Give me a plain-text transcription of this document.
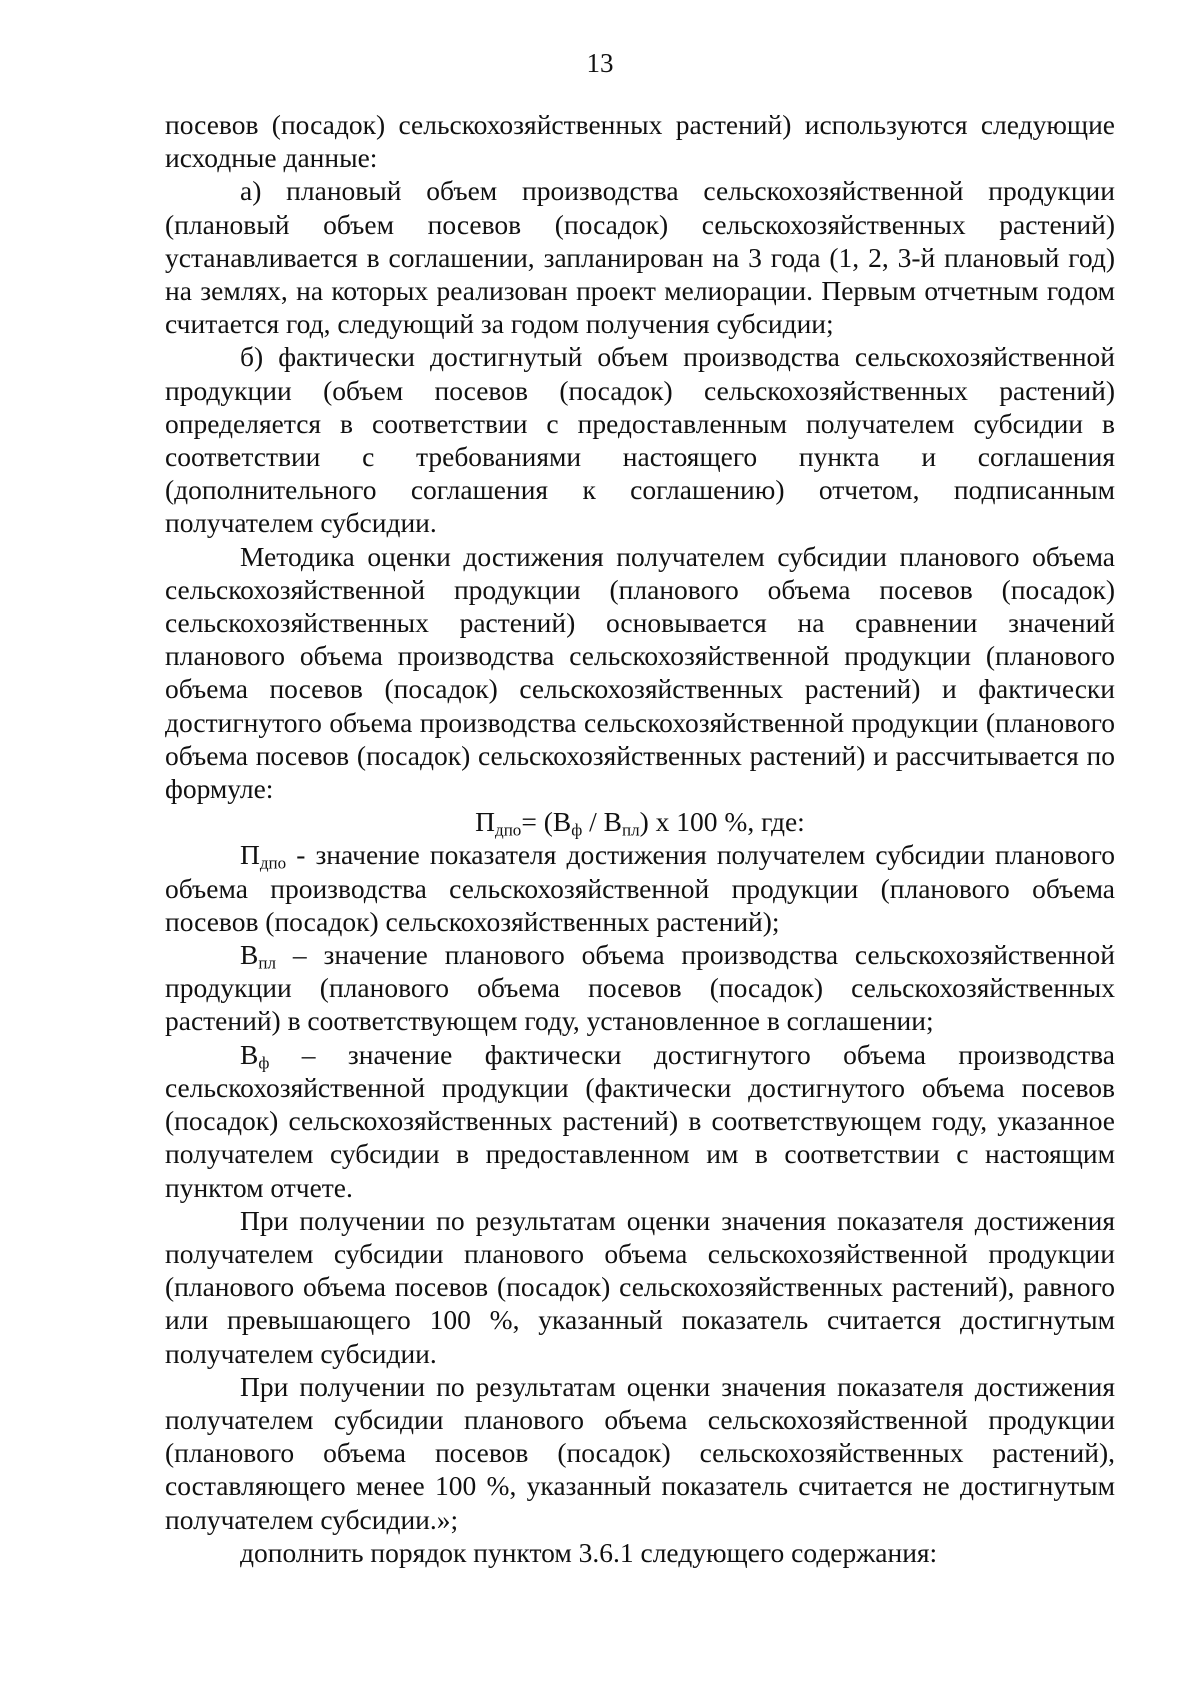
13

посевов (посадок) сельскохозяйственных растений) используются следующие исходные данные:

а) плановый объем производства сельскохозяйственной продукции (плановый объем посевов (посадок) сельскохозяйственных растений) устанавливается в соглашении, запланирован на 3 года (1, 2, 3-й плановый год) на землях, на которых реализован проект мелиорации. Первым отчетным годом считается год, следующий за годом получения субсидии;

б) фактически достигнутый объем производства сельскохозяйственной продукции (объем посевов (посадок) сельскохозяйственных растений) определяется в соответствии с предоставленным получателем субсидии в соответствии с требованиями настоящего пункта и соглашения (дополнительного соглашения к соглашению) отчетом, подписанным получателем субсидии.

Методика оценки достижения получателем субсидии планового объема сельскохозяйственной продукции (планового объема посевов (посадок) сельскохозяйственных растений) основывается на сравнении значений планового объема производства сельскохозяйственной продукции (планового объема посевов (посадок) сельскохозяйственных растений) и фактически достигнутого объема производства сельскохозяйственной продукции (планового объема посевов (посадок) сельскохозяйственных растений) и рассчитывается по формуле:

$П_{дпо}= (В_ф / В_{пл})$ х 100 %, где:

$П_{дпо}$ - значение показателя достижения получателем субсидии планового объема производства сельскохозяйственной продукции (планового объема посевов (посадок) сельскохозяйственных растений);

$В_{пл}$ – значение планового объема производства сельскохозяйственной продукции (планового объема посевов (посадок) сельскохозяйственных растений) в соответствующем году, установленное в соглашении;

$В_ф$ – значение фактически достигнутого объема производства сельскохозяйственной продукции (фактически достигнутого объема посевов (посадок) сельскохозяйственных растений) в соответствующем году, указанное получателем субсидии в предоставленном им в соответствии с настоящим пунктом отчете.

При получении по результатам оценки значения показателя достижения получателем субсидии планового объема сельскохозяйственной продукции (планового объема посевов (посадок) сельскохозяйственных растений), равного или превышающего 100 %, указанный показатель считается достигнутым получателем субсидии.

При получении по результатам оценки значения показателя достижения получателем субсидии планового объема сельскохозяйственной продукции (планового объема посевов (посадок) сельскохозяйственных растений), составляющего менее 100 %, указанный показатель считается не достигнутым получателем субсидии.»;

дополнить порядок пунктом 3.6.1 следующего содержания:
